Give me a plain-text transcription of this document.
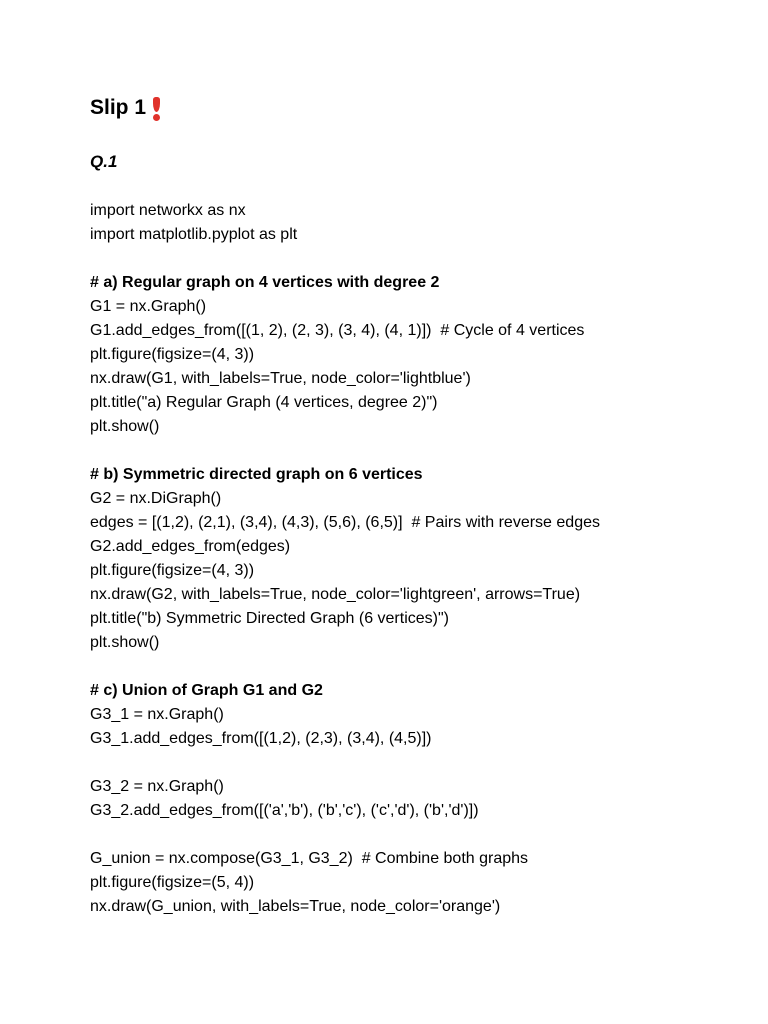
Slip 1
Q.1
import networkx as nx
import matplotlib.pyplot as plt
# a) Regular graph on 4 vertices with degree 2
G1 = nx.Graph()
G1.add_edges_from([(1, 2), (2, 3), (3, 4), (4, 1)])  # Cycle of 4 vertices
plt.figure(figsize=(4, 3))
nx.draw(G1, with_labels=True, node_color='lightblue')
plt.title("a) Regular Graph (4 vertices, degree 2)")
plt.show()
# b) Symmetric directed graph on 6 vertices
G2 = nx.DiGraph()
edges = [(1,2), (2,1), (3,4), (4,3), (5,6), (6,5)]  # Pairs with reverse edges
G2.add_edges_from(edges)
plt.figure(figsize=(4, 3))
nx.draw(G2, with_labels=True, node_color='lightgreen', arrows=True)
plt.title("b) Symmetric Directed Graph (6 vertices)")
plt.show()
# c) Union of Graph G1 and G2
G3_1 = nx.Graph()
G3_1.add_edges_from([(1,2), (2,3), (3,4), (4,5)])
G3_2 = nx.Graph()
G3_2.add_edges_from([('a','b'), ('b','c'), ('c','d'), ('b','d')])
G_union = nx.compose(G3_1, G3_2)  # Combine both graphs
plt.figure(figsize=(5, 4))
nx.draw(G_union, with_labels=True, node_color='orange')
